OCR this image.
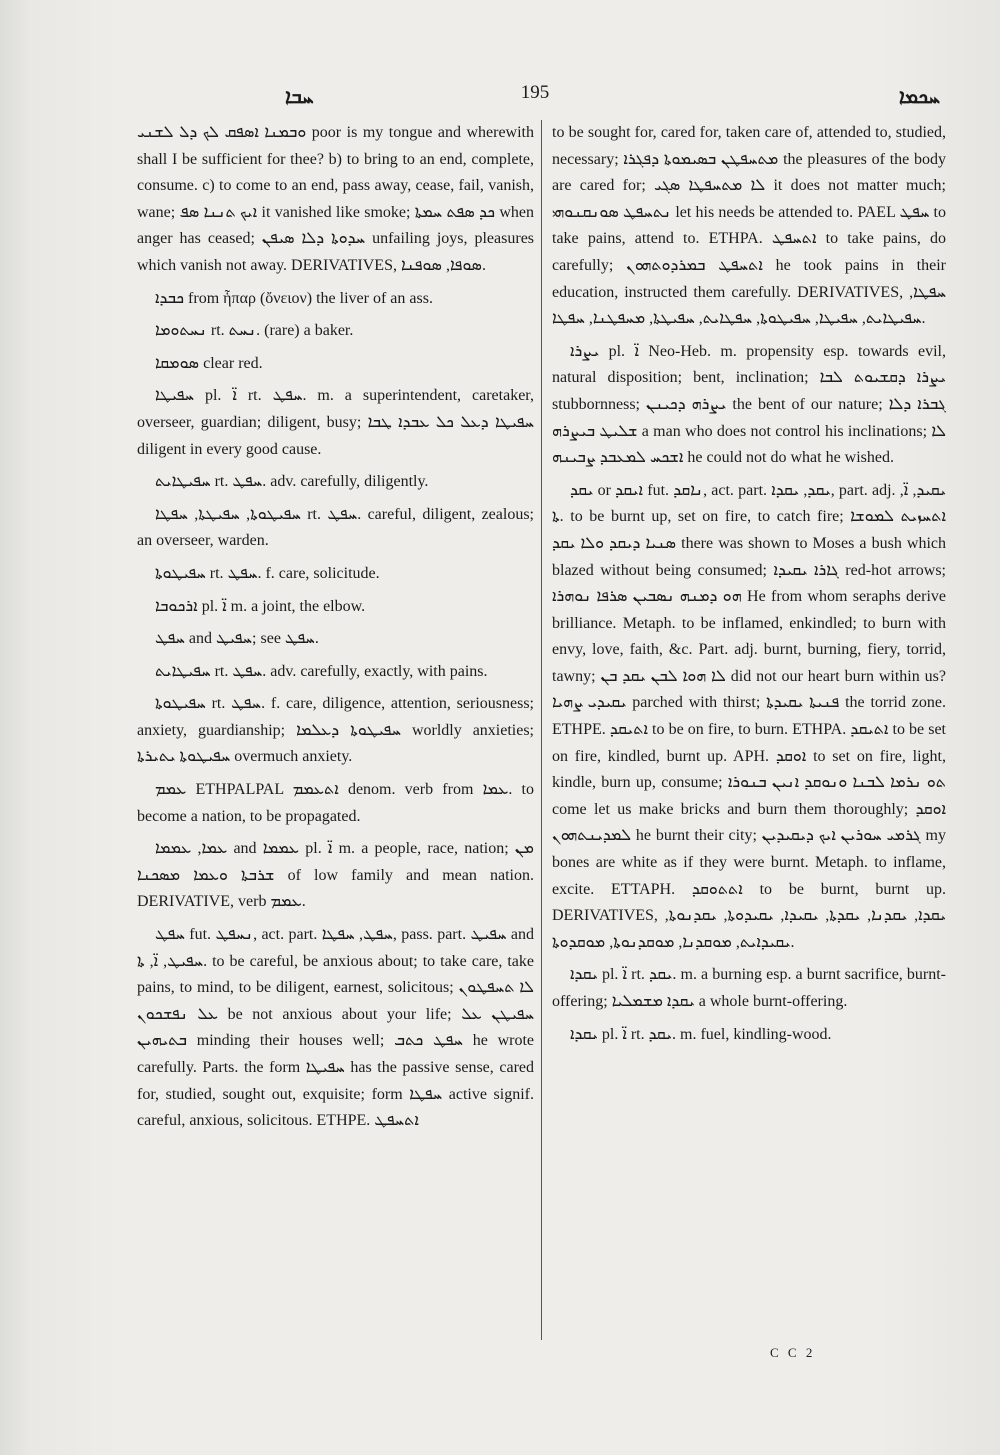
ܚܒܐ	195	ܚܟܡܐ

ܘܒܡܢܐ ܐܣܦܩ ܠܟ ܕܠ ܠܫܢܝ poor is my tongue and wherewith shall I be sufficient for thee? b) to bring to an end, complete, consume. c) to come to an end, pass away, cease, fail, vanish, wane; ܐܝܟ ܬܢܢܐ ܣܦ it vanished like smoke; ܟܕ ܣܦܬ ܚܡܬܐ when anger has ceased; ܚܕܘܬܐ ܕܠܐ ܣܝܦܢ unfailing joys, pleasures which vanish not away. DERIVATIVES, ܣܘܦܐ, ܣܘܦܢܐ.

ܟܒܕܐ from ἧπαρ (ὄνειον) the liver of an ass.

ܢܚܬܘܡܐ rt. ܢܚܬ. (rare) a baker.

ܣܘܡܩܐ clear red.

ܚܦܝܛܐ pl. ܐ̈ rt. ܚܦܛ. m. a superintendent, caretaker, overseer, guardian; diligent, busy; ܚܦܝܛܐ ܕܥܠ ܟܠ ܥܒܕܐ ܛܒܐ diligent in every good cause.

ܚܦܝܛܐܝܬ rt. ܚܦܛ. adv. carefully, diligently.

ܚܦܝܛܘܬܐ, ܚܦܝܛܬܐ, ܚܦܛܐ rt. ܚܦܛ. careful, diligent, zealous; an overseer, warden.

ܚܦܝܛܘܬܐ rt. ܚܦܛ. f. care, solicitude.

ܐܪܟܘܒܐ pl. ܐ̈ m. a joint, the elbow.

ܚܦܛ and ܚܦܝܛ; see ܚܦܛ.

ܚܦܝܛܐܝܬ rt. ܚܦܛ. adv. carefully, exactly, with pains.

ܚܦܝܛܘܬܐ rt. ܚܦܛ. f. care, diligence, attention, seriousness; anxiety, guardianship; ܚܦܝܛܘܬܐ ܕܥܠܡܐ worldly anxieties; ܚܦܝܛܘܬܐ ܝܬܝܪܬܐ overmuch anxiety.

ܥܡܡ ETHPALPAL ܐܬܥܡܡ denom. verb from ܥܡܐ. to become a nation, to be propagated.

ܥܡܐ, ܥܡܡܐ and ܥܡܡܐ pl. ܐ̈ m. a people, race, nation; ܡܢ ܫܪܒܬܐ ܘܥܡܐ ܡܣܟܢܐ of low family and mean nation. DERIVATIVE, verb ܥܡܡ.

ܚܦܛ fut. ܢܚܦܛ, act. part. ܚܦܛ, ܚܦܛܐ, pass. part. ܚܦܝܛ and ܚܦܝܛ, ܐ̈, ܬܐ. to be careful, be anxious about; to take care, take pains, to mind, to be diligent, earnest, solicitous; ܠܐ ܬܚܦܛܘܢ ܥܠ ܢܦܫܟܘܢ be not anxious about your life; ܚܦܝܛܢ ܥܠ ܒܬܝܗܝܢ minding their houses well; ܚܦܛ ܟܬܒ he wrote carefully. Parts. the form ܚܦܝܛܐ has the passive sense, cared for, studied, sought out, exquisite; form ܚܦܛܐ active signif. careful, anxious, solicitous. ETHPE. ܐܬܚܦܛ

to be sought for, cared for, taken care of, attended to, studied, necessary; ܡܬܚܦܛܢ ܒܣܝܡܘܬܐ ܕܦܓܪܐ the pleasures of the body are cared for; ܠܐ ܡܬܚܦܛܐ ܣܓܝ it does not matter much; ܢܬܚܦܛ ܣܘܢܩܢܘܗܝ let his needs be attended to. PAEL ܚܦܛ to take pains, attend to. ETHPA. ܐܬܚܦܛ to take pains, do carefully; ܐܬܚܦܛ ܒܡܪܕܘܬܗܘܢ he took pains in their education, instructed them carefully. DERIVATIVES, ܚܦܛܐ, ܚܦܝܛܐܝܬ, ܚܦܝܛܐ, ܚܦܝܛܘܬܐ, ܚܦܛܐܝܬ, ܚܦܝܛܬܐ, ܡܚܦܛܢܐ, ܚܦܛܐ.

ܝܨܪܐ pl. ܐ̈ Neo-Heb. m. propensity esp. towards evil, natural disposition; bent, inclination; ܝܨܪܐ ܕܩܫܝܘܬ ܠܒܐ stubbornness; ܝܨܪܗ ܕܟܝܢܢ the bent of our nature; ܓܒܪܐ ܕܠܐ ܫܠܝܛ ܒܝܨܪܗ a man who does not control his inclinations; ܠܐ ܐܫܟܚ ܠܡܥܒܕ ܨܒܝܢܗ he could not do what he wished.

ܝܩܕ or ܐܝܩܕ fut. ܢܐܩܕ, act. part. ܝܩܕ, ܝܩܕܐ, part. adj. ܝܩܝܕ, ܐ̈, ܬܐ. to be burnt up, set on fire, to catch fire; ܐܬܚܙܝܬ ܠܡܘܫܐ ܣܢܝܐ ܕܝܩܕ ܘܠܐ ܝܩܕ there was shown to Moses a bush which blazed without being consumed; ܓܐܪܐ ܝܩܝܕܐ red-hot arrows; ܗܘ ܕܡܢܗ ܢܣܒܝܢ ܣܪܦܐ ܢܘܗܪܐ He from whom seraphs derive brilliance. Metaph. to be inflamed, enkindled; to burn with envy, love, faith, &c. Part. adj. burnt, burning, fiery, torrid, tawny; ܠܐ ܗܘܐ ܠܒܢ ܝܩܕ ܒܢ did not our heart burn within us? ܝܩܝܕܝ ܨܗܝܐ parched with thirst; ܦܢܝܬܐ ܝܩܝܕܬܐ the torrid zone. ETHPE. ܐܬܝܩܕ to be on fire, to burn. ETHPA. ܐܬܝܩܕ to be set on fire, kindled, burnt up. APH. ܐܘܩܕ to set on fire, light, kindle, burn up, consume; ܬܘ ܢܪܡܐ ܠܒܢܐ ܘܢܘܩܕ ܐܢܝܢ ܒܢܘܪܐ come let us make bricks and burn them thoroughly; ܐܘܩܕ ܠܡܕܝܢܬܗܘܢ he burnt their city; ܓܪܡܝ ܚܘܪܝܢ ܐܝܟ ܕܝܩܝܕܝܢ my bones are white as if they were burnt. Metaph. to inflame, excite. ETTAPH. ܐܬܬܘܩܕ to be burnt, burnt up. DERIVATIVES, ܝܩܕܐ, ܝܩܕܢܐ, ܝܩܕܬܐ, ܝܩܝܕܐ, ܝܩܝܕܘܬܐ, ܝܩܕܢܘܬܐ, ܝܩܝܕܐܝܬ, ܡܘܩܕܢܐ, ܡܘܩܕܢܘܬܐ, ܡܘܩܕܘܬܐ.

ܝܩܕܐ pl. ܐ̈ rt. ܝܩܕ. m. a burning esp. a burnt sacrifice, burnt-offering; ܝܩܕܐ ܡܫܡܠܝܐ a whole burnt-offering.

ܝܩܕܐ pl. ܐ̈ rt. ܝܩܕ. m. fuel, kindling-wood.

C C 2
